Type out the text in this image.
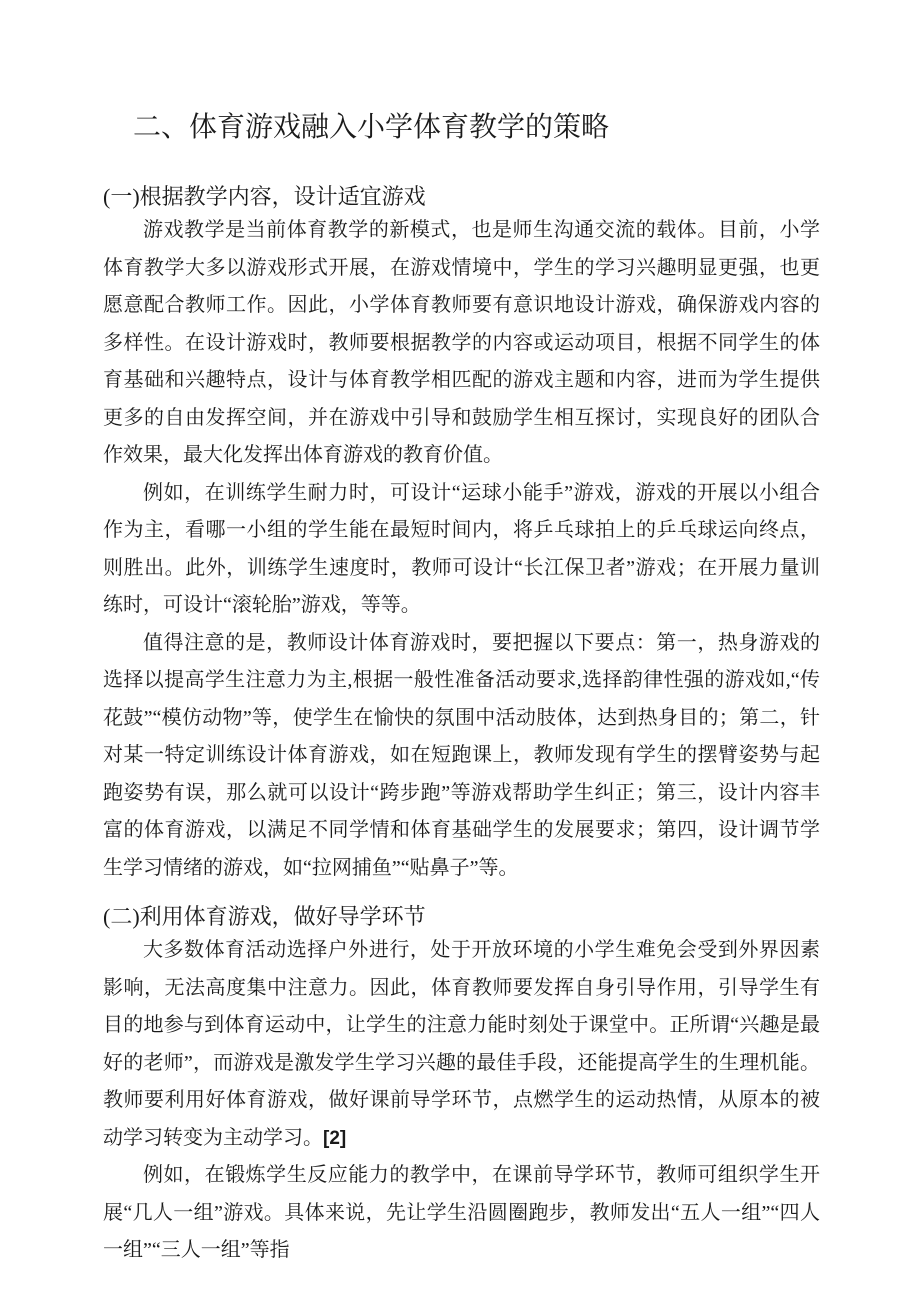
二、体育游戏融入小学体育教学的策略
(一)根据教学内容，设计适宜游戏

游戏教学是当前体育教学的新模式，也是师生沟通交流的载体。目前，小学体育教学大多以游戏形式开展，在游戏情境中，学生的学习兴趣明显更强，也更愿意配合教师工作。因此，小学体育教师要有意识地设计游戏，确保游戏内容的多样性。在设计游戏时，教师要根据教学的内容或运动项目，根据不同学生的体育基础和兴趣特点，设计与体育教学相匹配的游戏主题和内容，进而为学生提供更多的自由发挥空间，并在游戏中引导和鼓励学生相互探讨，实现良好的团队合作效果，最大化发挥出体育游戏的教育价值。

例如，在训练学生耐力时，可设计“运球小能手”游戏，游戏的开展以小组合作为主，看哪一小组的学生能在最短时间内，将乒乓球拍上的乒乓球运向终点，则胜出。此外，训练学生速度时，教师可设计“长江保卫者”游戏；在开展力量训练时，可设计“滚轮胎”游戏，等等。

值得注意的是，教师设计体育游戏时，要把握以下要点：第一，热身游戏的选择以提高学生注意力为主,根据一般性准备活动要求,选择韵律性强的游戏如,“传花鼓”“模仿动物”等，使学生在愉快的氛围中活动肢体，达到热身目的；第二，针对某一特定训练设计体育游戏，如在短跑课上，教师发现有学生的摆臂姿势与起跑姿势有误，那么就可以设计“跨步跑”等游戏帮助学生纠正；第三，设计内容丰富的体育游戏，以满足不同学情和体育基础学生的发展要求；第四，设计调节学生学习情绪的游戏，如“拉网捕鱼”“贴鼻子”等。

(二)利用体育游戏，做好导学环节

大多数体育活动选择户外进行，处于开放环境的小学生难免会受到外界因素影响，无法高度集中注意力。因此，体育教师要发挥自身引导作用，引导学生有目的地参与到体育运动中，让学生的注意力能时刻处于课堂中。正所谓“兴趣是最好的老师”，而游戏是激发学生学习兴趣的最佳手段，还能提高学生的生理机能。教师要利用好体育游戏，做好课前导学环节，点燃学生的运动热情，从原本的被动学习转变为主动学习。[2]

例如，在锻炼学生反应能力的教学中，在课前导学环节，教师可组织学生开展“几人一组”游戏。具体来说，先让学生沿圆圈跑步，教师发出“五人一组”“四人一组”“三人一组”等指
